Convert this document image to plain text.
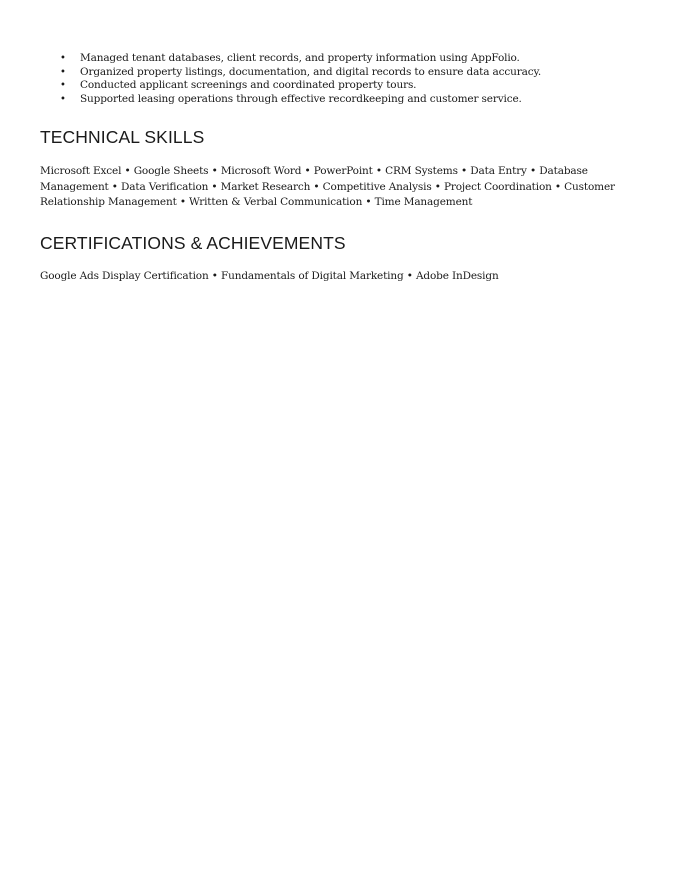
• Managed tenant databases, client records, and property information using AppFolio.
• Organized property listings, documentation, and digital records to ensure data accuracy.
• Conducted applicant screenings and coordinated property tours.
• Supported leasing operations through effective recordkeeping and customer service.
TECHNICAL SKILLS

Microsoft Excel • Google Sheets • Microsoft Word • PowerPoint • CRM Systems • Data Entry • Database Management • Data Verification • Market Research • Competitive Analysis • Project Coordination • Customer Relationship Management • Written & Verbal Communication • Time Management

CERTIFICATIONS & ACHIEVEMENTS

Google Ads Display Certification • Fundamentals of Digital Marketing • Adobe InDesign
